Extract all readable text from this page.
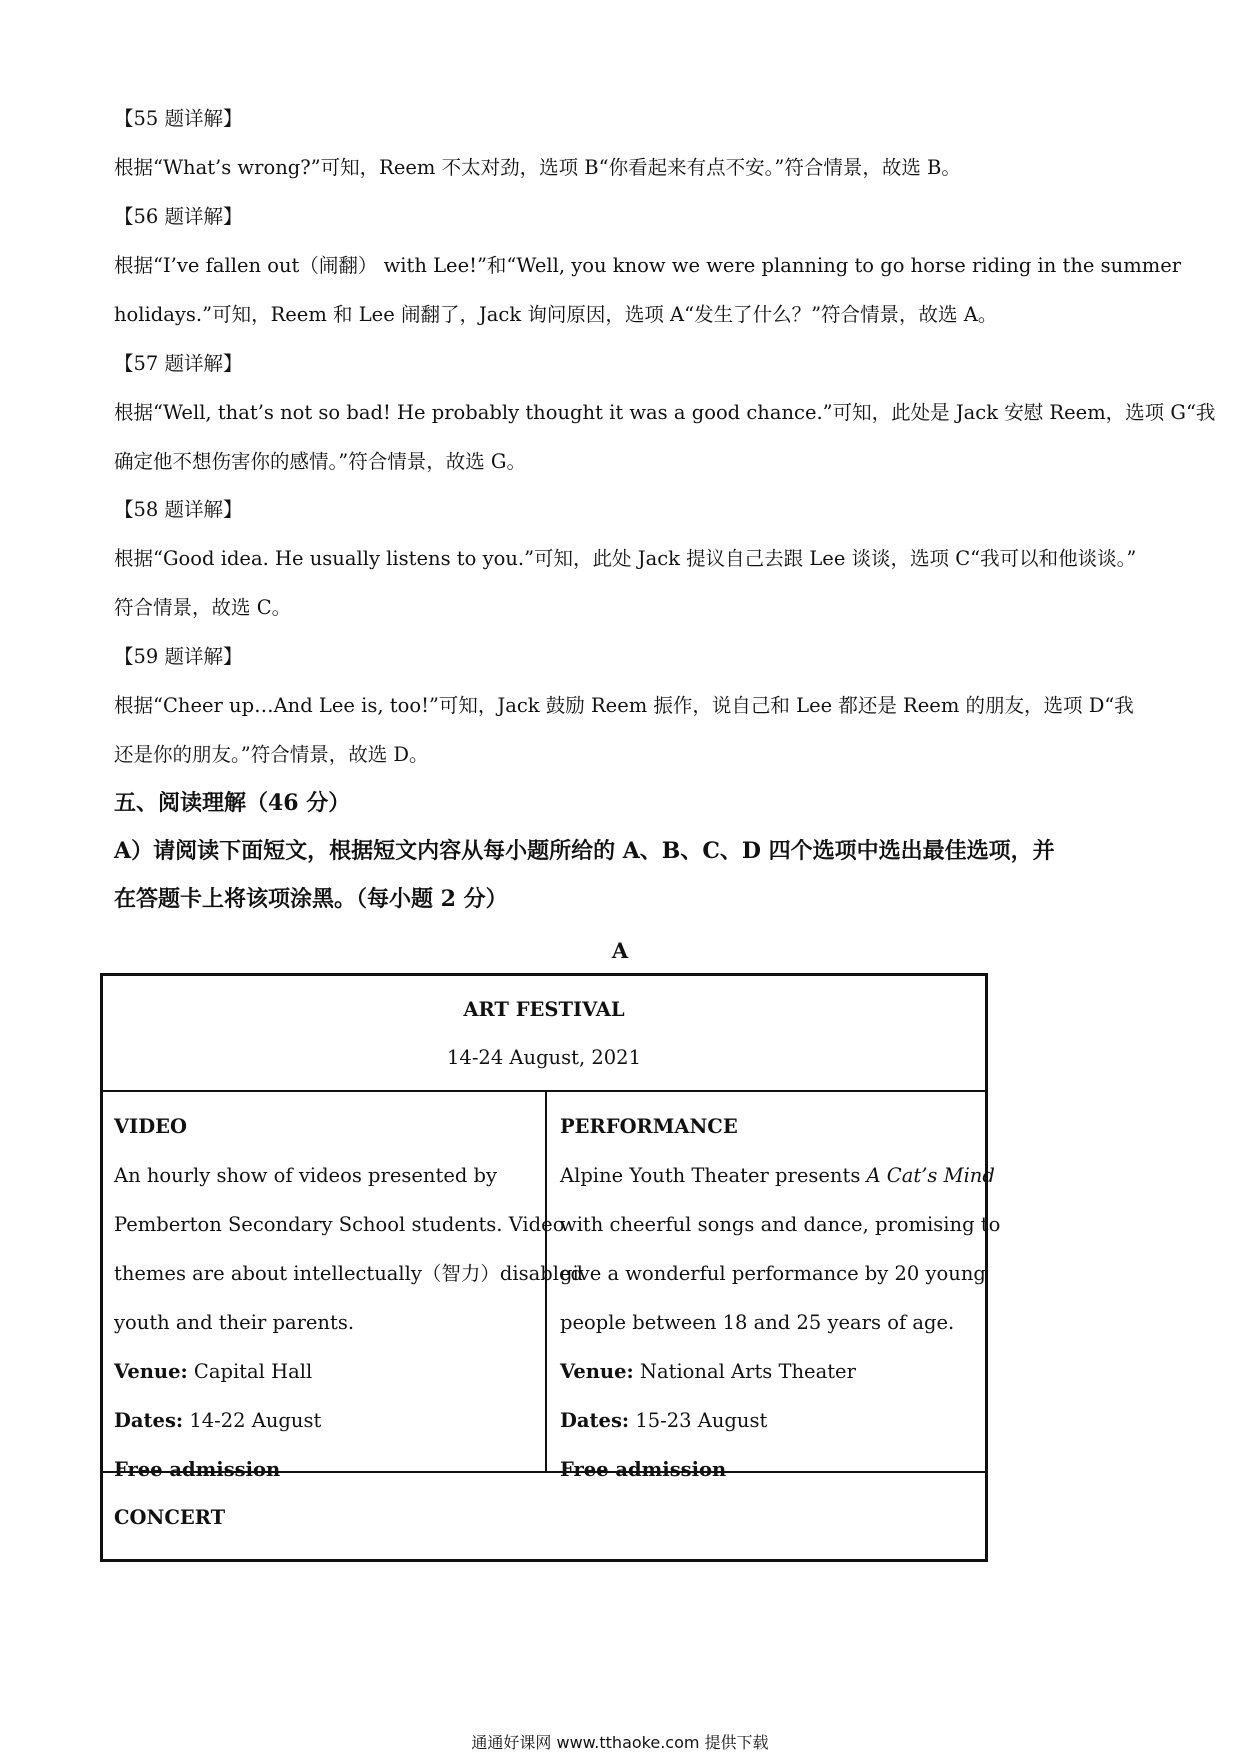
【55 题详解】
根据“What’s wrong?”可知，Reem 不太对劲，选项 B“你看起来有点不安。”符合情景，故选 B。
【56 题详解】
根据“I’ve fallen out（闹翻） with Lee!”和“Well, you know we were planning to go horse riding in the summer
holidays.”可知，Reem 和 Lee 闹翻了，Jack 询问原因，选项 A“发生了什么？”符合情景，故选 A。
【57 题详解】
根据“Well, that’s not so bad! He probably thought it was a good chance.”可知，此处是 Jack 安慰 Reem，选项 G“我
确定他不想伤害你的感情。”符合情景，故选 G。
【58 题详解】
根据“Good idea. He usually listens to you.”可知，此处 Jack 提议自己去跟 Lee 谈谈，选项 C“我可以和他谈谈。”
符合情景，故选 C。
【59 题详解】
根据“Cheer up…And Lee is, too!”可知，Jack 鼓励 Reem 振作，说自己和 Lee 都还是 Reem 的朋友，选项 D“我
还是你的朋友。”符合情景，故选 D。
五、阅读理解（46 分）
A）请阅读下面短文，根据短文内容从每小题所给的 A、B、C、D 四个选项中选出最佳选项，并
在答题卡上将该项涂黑。（每小题 2 分）
A
ART FESTIVAL
14-24 August, 2021
VIDEO
An hourly show of videos presented by
Pemberton Secondary School students. Video
themes are about intellectually（智力）disabled
youth and their parents.
Venue: Capital Hall
Dates: 14-22 August
Free admission
PERFORMANCE
Alpine Youth Theater presents A Cat’s Mind
with cheerful songs and dance, promising to
give a wonderful performance by 20 young
people between 18 and 25 years of age.
Venue: National Arts Theater
Dates: 15-23 August
Free admission
CONCERT
通通好课网 www.tthaoke.com 提供下载
